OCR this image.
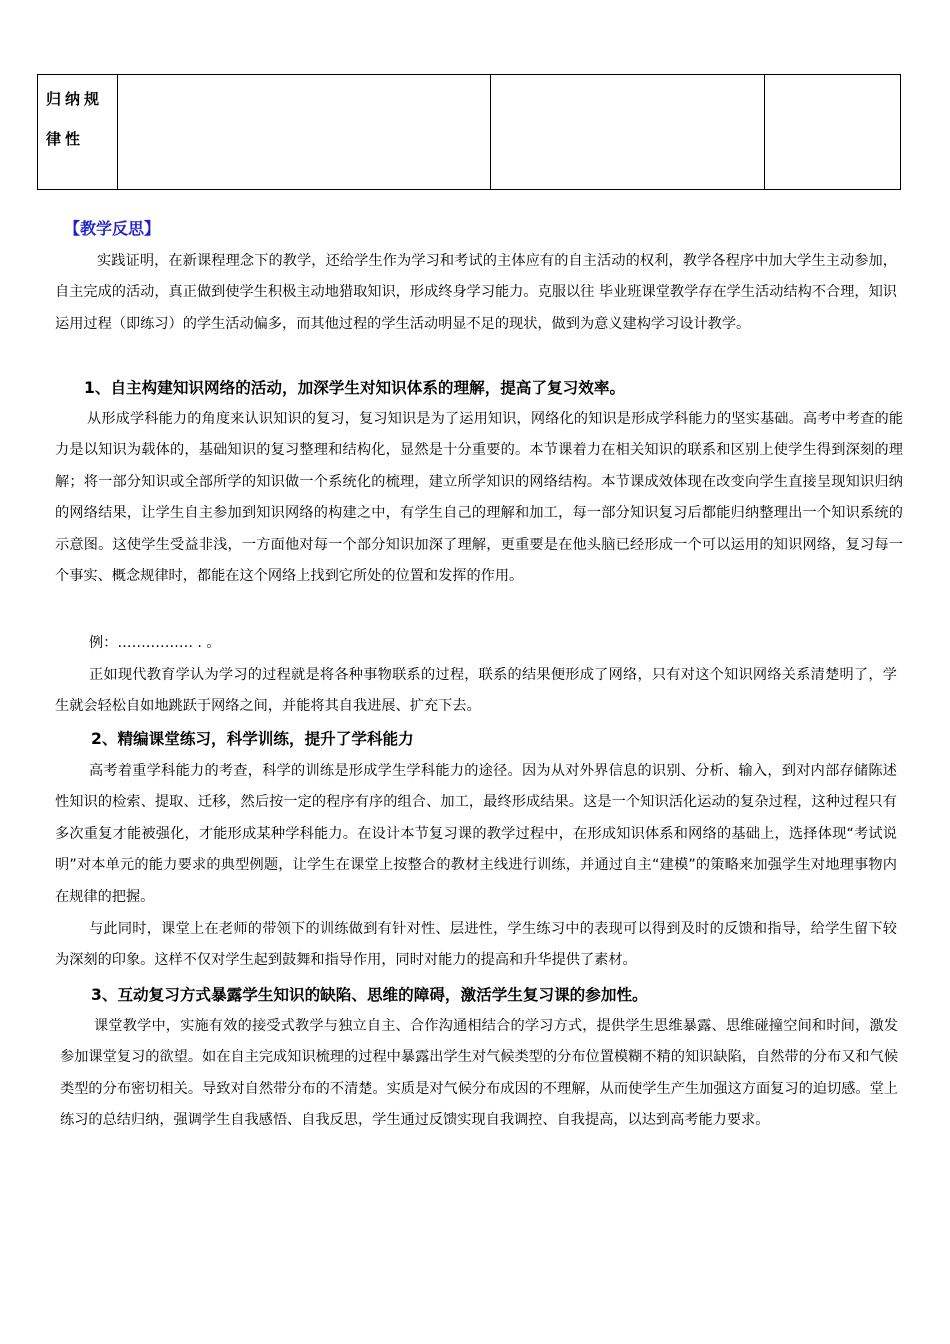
归纳规律性
【教学反思】
实践证明，在新课程理念下的教学，还给学生作为学习和考试的主体应有的自主活动的权利，教学各程序中加大学生主动参加，自主完成的活动，真正做到使学生积极主动地猎取知识，形成终身学习能力。克服以往 毕业班课堂教学存在学生活动结构不合理，知识运用过程（即练习）的学生活动偏多，而其他过程的学生活动明显不足的现状，做到为意义建构学习设计教学。
1、自主构建知识网络的活动，加深学生对知识体系的理解，提高了复习效率。
从形成学科能力的角度来认识知识的复习，复习知识是为了运用知识，网络化的知识是形成学科能力的坚实基础。高考中考查的能力是以知识为载体的，基础知识的复习整理和结构化，显然是十分重要的。本节课着力在相关知识的联系和区别上使学生得到深刻的理解；将一部分知识或全部所学的知识做一个系统化的梳理，建立所学知识的网络结构。本节课成效体现在改变向学生直接呈现知识归纳的网络结果，让学生自主参加到知识网络的构建之中，有学生自己的理解和加工，每一部分知识复习后都能归纳整理出一个知识系统的示意图。这使学生受益非浅，一方面他对每一个部分知识加深了理解，更重要是在他头脑已经形成一个可以运用的知识网络，复习每一个事实、概念规律时，都能在这个网络上找到它所处的位置和发挥的作用。
例：……………. . 。
正如现代教育学认为学习的过程就是将各种事物联系的过程，联系的结果便形成了网络，只有对这个知识网络关系清楚明了，学生就会轻松自如地跳跃于网络之间，并能将其自我进展、扩充下去。
2、精编课堂练习，科学训练，提升了学科能力
高考着重学科能力的考查，科学的训练是形成学生学科能力的途径。因为从对外界信息的识别、分析、输入，到对内部存储陈述性知识的检索、提取、迁移，然后按一定的程序有序的组合、加工，最终形成结果。这是一个知识活化运动的复杂过程，这种过程只有多次重复才能被强化，才能形成某种学科能力。在设计本节复习课的教学过程中，在形成知识体系和网络的基础上，选择体现“考试说明”对本单元的能力要求的典型例题，让学生在课堂上按整合的教材主线进行训练，并通过自主“建模”的策略来加强学生对地理事物内在规律的把握。
与此同时，课堂上在老师的带领下的训练做到有针对性、层进性，学生练习中的表现可以得到及时的反馈和指导，给学生留下较为深刻的印象。这样不仅对学生起到鼓舞和指导作用，同时对能力的提高和升华提供了素材。
3、互动复习方式暴露学生知识的缺陷、思维的障碍，激活学生复习课的参加性。
课堂教学中，实施有效的接受式教学与独立自主、合作沟通相结合的学习方式，提供学生思维暴露、思维碰撞空间和时间，激发参加课堂复习的欲望。如在自主完成知识梳理的过程中暴露出学生对气候类型的分布位置模糊不精的知识缺陷，自然带的分布又和气候类型的分布密切相关。导致对自然带分布的不清楚。实质是对气候分布成因的不理解，从而使学生产生加强这方面复习的迫切感。堂上练习的总结归纳，强调学生自我感悟、自我反思，学生通过反馈实现自我调控、自我提高，以达到高考能力要求。
